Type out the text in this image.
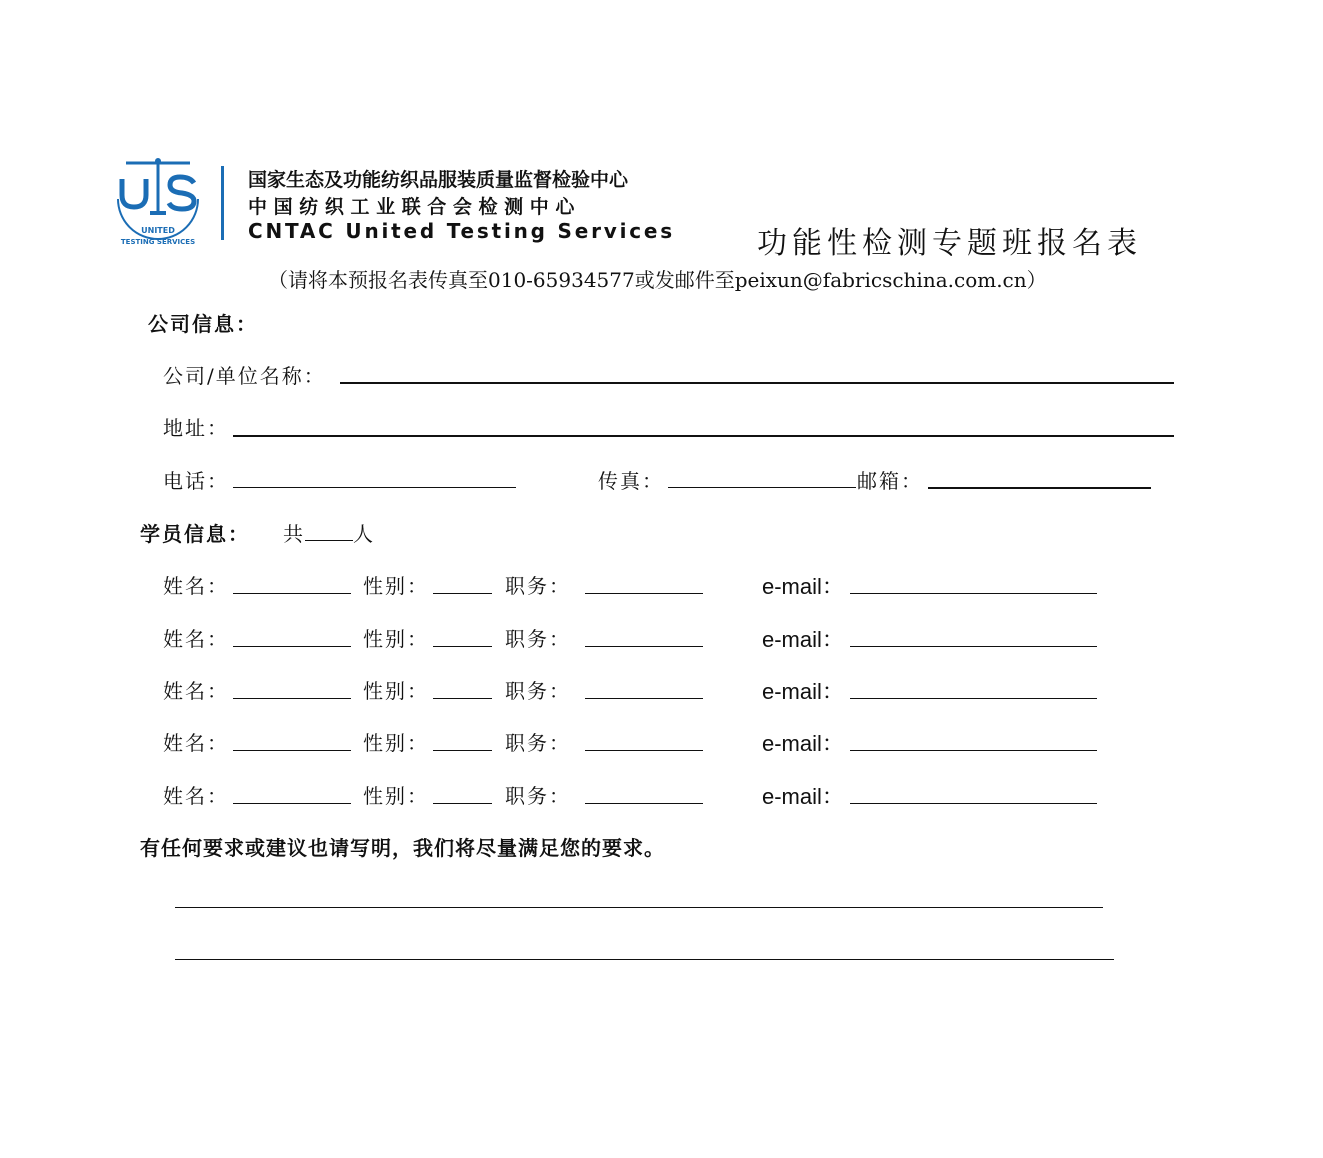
UNITED
TESTING SERVICES
国家生态及功能纺织品服装质量监督检验中心
中 国 纺 织 工 业 联 合 会 检 测 中 心
CNTAC United Testing Services	功能性检测专题班报名表
（请将本预报名表传真至010-65934577或发邮件至peixun@fabricschina.com.cn）
公司信息：
公司/单位名称：
地址：
电话：	传真：	邮箱：
学员信息： 共 人
姓名：	性别：	职务：	e-mail：
姓名：	性别：	职务：	e-mail：
姓名：	性别：	职务：	e-mail：
姓名：	性别：	职务：	e-mail：
姓名：	性别：	职务：	e-mail：
有任何要求或建议也请写明，我们将尽量满足您的要求。
